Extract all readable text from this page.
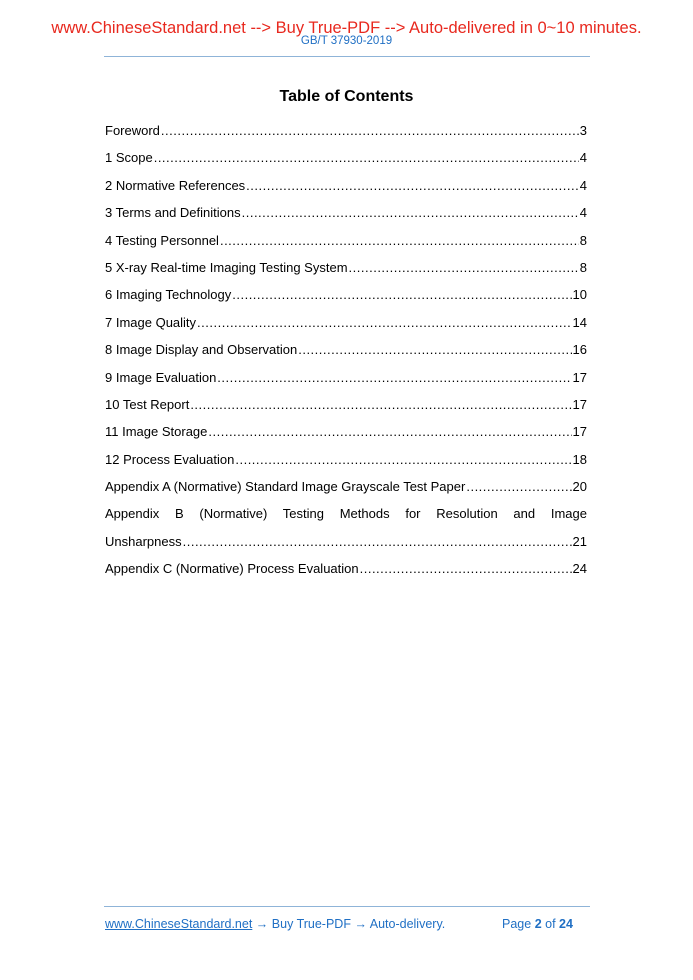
www.ChineseStandard.net --> Buy True-PDF --> Auto-delivered in 0~10 minutes.
GB/T 37930-2019
Table of Contents
Foreword .....	3
1 Scope .....	4
2 Normative References .....	4
3 Terms and Definitions .....	4
4 Testing Personnel .....	8
5 X-ray Real-time Imaging Testing System .....	8
6 Imaging Technology .....	10
7 Image Quality .....	14
8 Image Display and Observation .....	16
9 Image Evaluation .....	17
10 Test Report .....	17
11 Image Storage .....	17
12 Process Evaluation .....	18
Appendix A (Normative) Standard Image Grayscale Test Paper .....	20
Appendix B (Normative) Testing Methods for Resolution and Image
Unsharpness .....	21
Appendix C (Normative) Process Evaluation .....	24
www.ChineseStandard.net → Buy True-PDF → Auto-delivery.	Page 2 of 24
